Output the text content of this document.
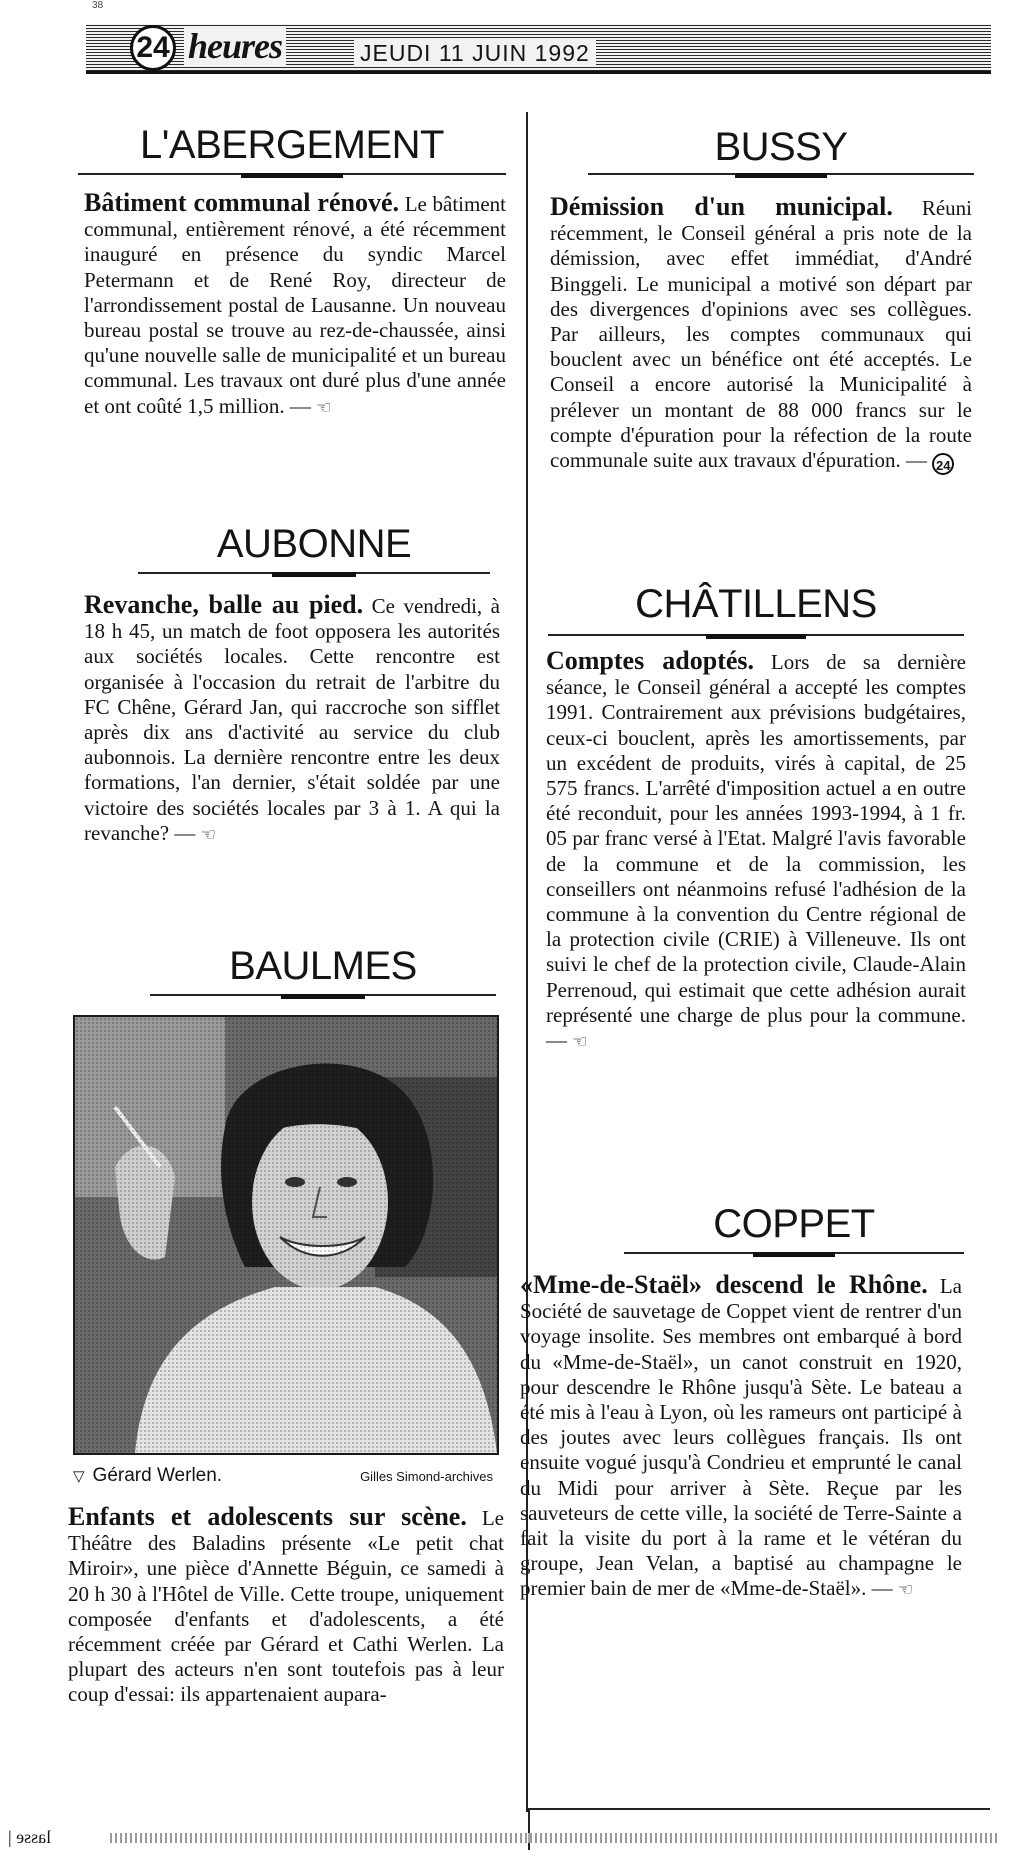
38
24 heures	JEUDI 11 JUIN 1992
L'ABERGEMENT
Bâtiment communal rénové. Le bâtiment communal, entièrement rénové, a été récemment inauguré en présence du syndic Marcel Petermann et de René Roy, directeur de l'arrondissement postal de Lausanne. Un nouveau bureau postal se trouve au rez-de-chaussée, ainsi qu'une nouvelle salle de municipalité et un bureau communal. Les travaux ont duré plus d'une année et ont coûté 1,5 million. — ☜
AUBONNE
Revanche, balle au pied. Ce vendredi, à 18 h 45, un match de foot opposera les autorités aux sociétés locales. Cette rencontre est organisée à l'occasion du retrait de l'arbitre du FC Chêne, Gérard Jan, qui raccroche son sifflet après dix ans d'activité au service du club aubonnois. La dernière rencontre entre les deux formations, l'an dernier, s'était soldée par une victoire des sociétés locales par 3 à 1. A qui la revanche? — ☜
BAULMES
▽ Gérard Werlen.	Gilles Simond-archives
Enfants et adolescents sur scène. Le Théâtre des Baladins présente «Le petit chat Miroir», une pièce d'Annette Béguin, ce samedi à 20 h 30 à l'Hôtel de Ville. Cette troupe, uniquement composée d'enfants et d'adolescents, a été récemment créée par Gérard et Cathi Werlen. La plupart des acteurs n'en sont toutefois pas à leur coup d'essai: ils appartenaient aupara-
BUSSY
Démission d'un municipal. Réuni récemment, le Conseil général a pris note de la démission, avec effet immédiat, d'André Binggeli. Le municipal a motivé son départ par des divergences d'opinions avec ses collègues. Par ailleurs, les comptes communaux qui bouclent avec un bénéfice ont été acceptés. Le Conseil a encore autorisé la Municipalité à prélever un montant de 88 000 francs sur le compte d'épuration pour la réfection de la route communale suite aux travaux d'épuration. — 24
CHÂTILLENS
Comptes adoptés. Lors de sa dernière séance, le Conseil général a accepté les comptes 1991. Contrairement aux prévisions budgétaires, ceux-ci bouclent, après les amortissements, par un excédent de produits, virés à capital, de 25 575 francs. L'arrêté d'imposition actuel a en outre été reconduit, pour les années 1993-1994, à 1 fr. 05 par franc versé à l'Etat. Malgré l'avis favorable de la commune et de la commission, les conseillers ont néanmoins refusé l'adhésion de la commune à la convention du Centre régional de la protection civile (CRIE) à Villeneuve. Ils ont suivi le chef de la protection civile, Claude-Alain Perrenoud, qui estimait que cette adhésion aurait représenté une charge de plus pour la commune. — ☜
COPPET
«Mme-de-Staël» descend le Rhône. La Société de sauvetage de Coppet vient de rentrer d'un voyage insolite. Ses membres ont embarqué à bord du «Mme-de-Staël», un canot construit en 1920, pour descendre le Rhône jusqu'à Sète. Le bateau a été mis à l'eau à Lyon, où les rameurs ont participé à des joutes avec leurs collègues français. Ils ont ensuite vogué jusqu'à Condrieu et emprunté le canal du Midi pour arriver à Sète. Reçue par les sauveteurs de cette ville, la société de Terre-Sainte a fait la visite du port à la rame et le vétéran du groupe, Jean Velan, a baptisé au champagne le premier bain de mer de «Mme-de-Staël». — ☜
lasse |
